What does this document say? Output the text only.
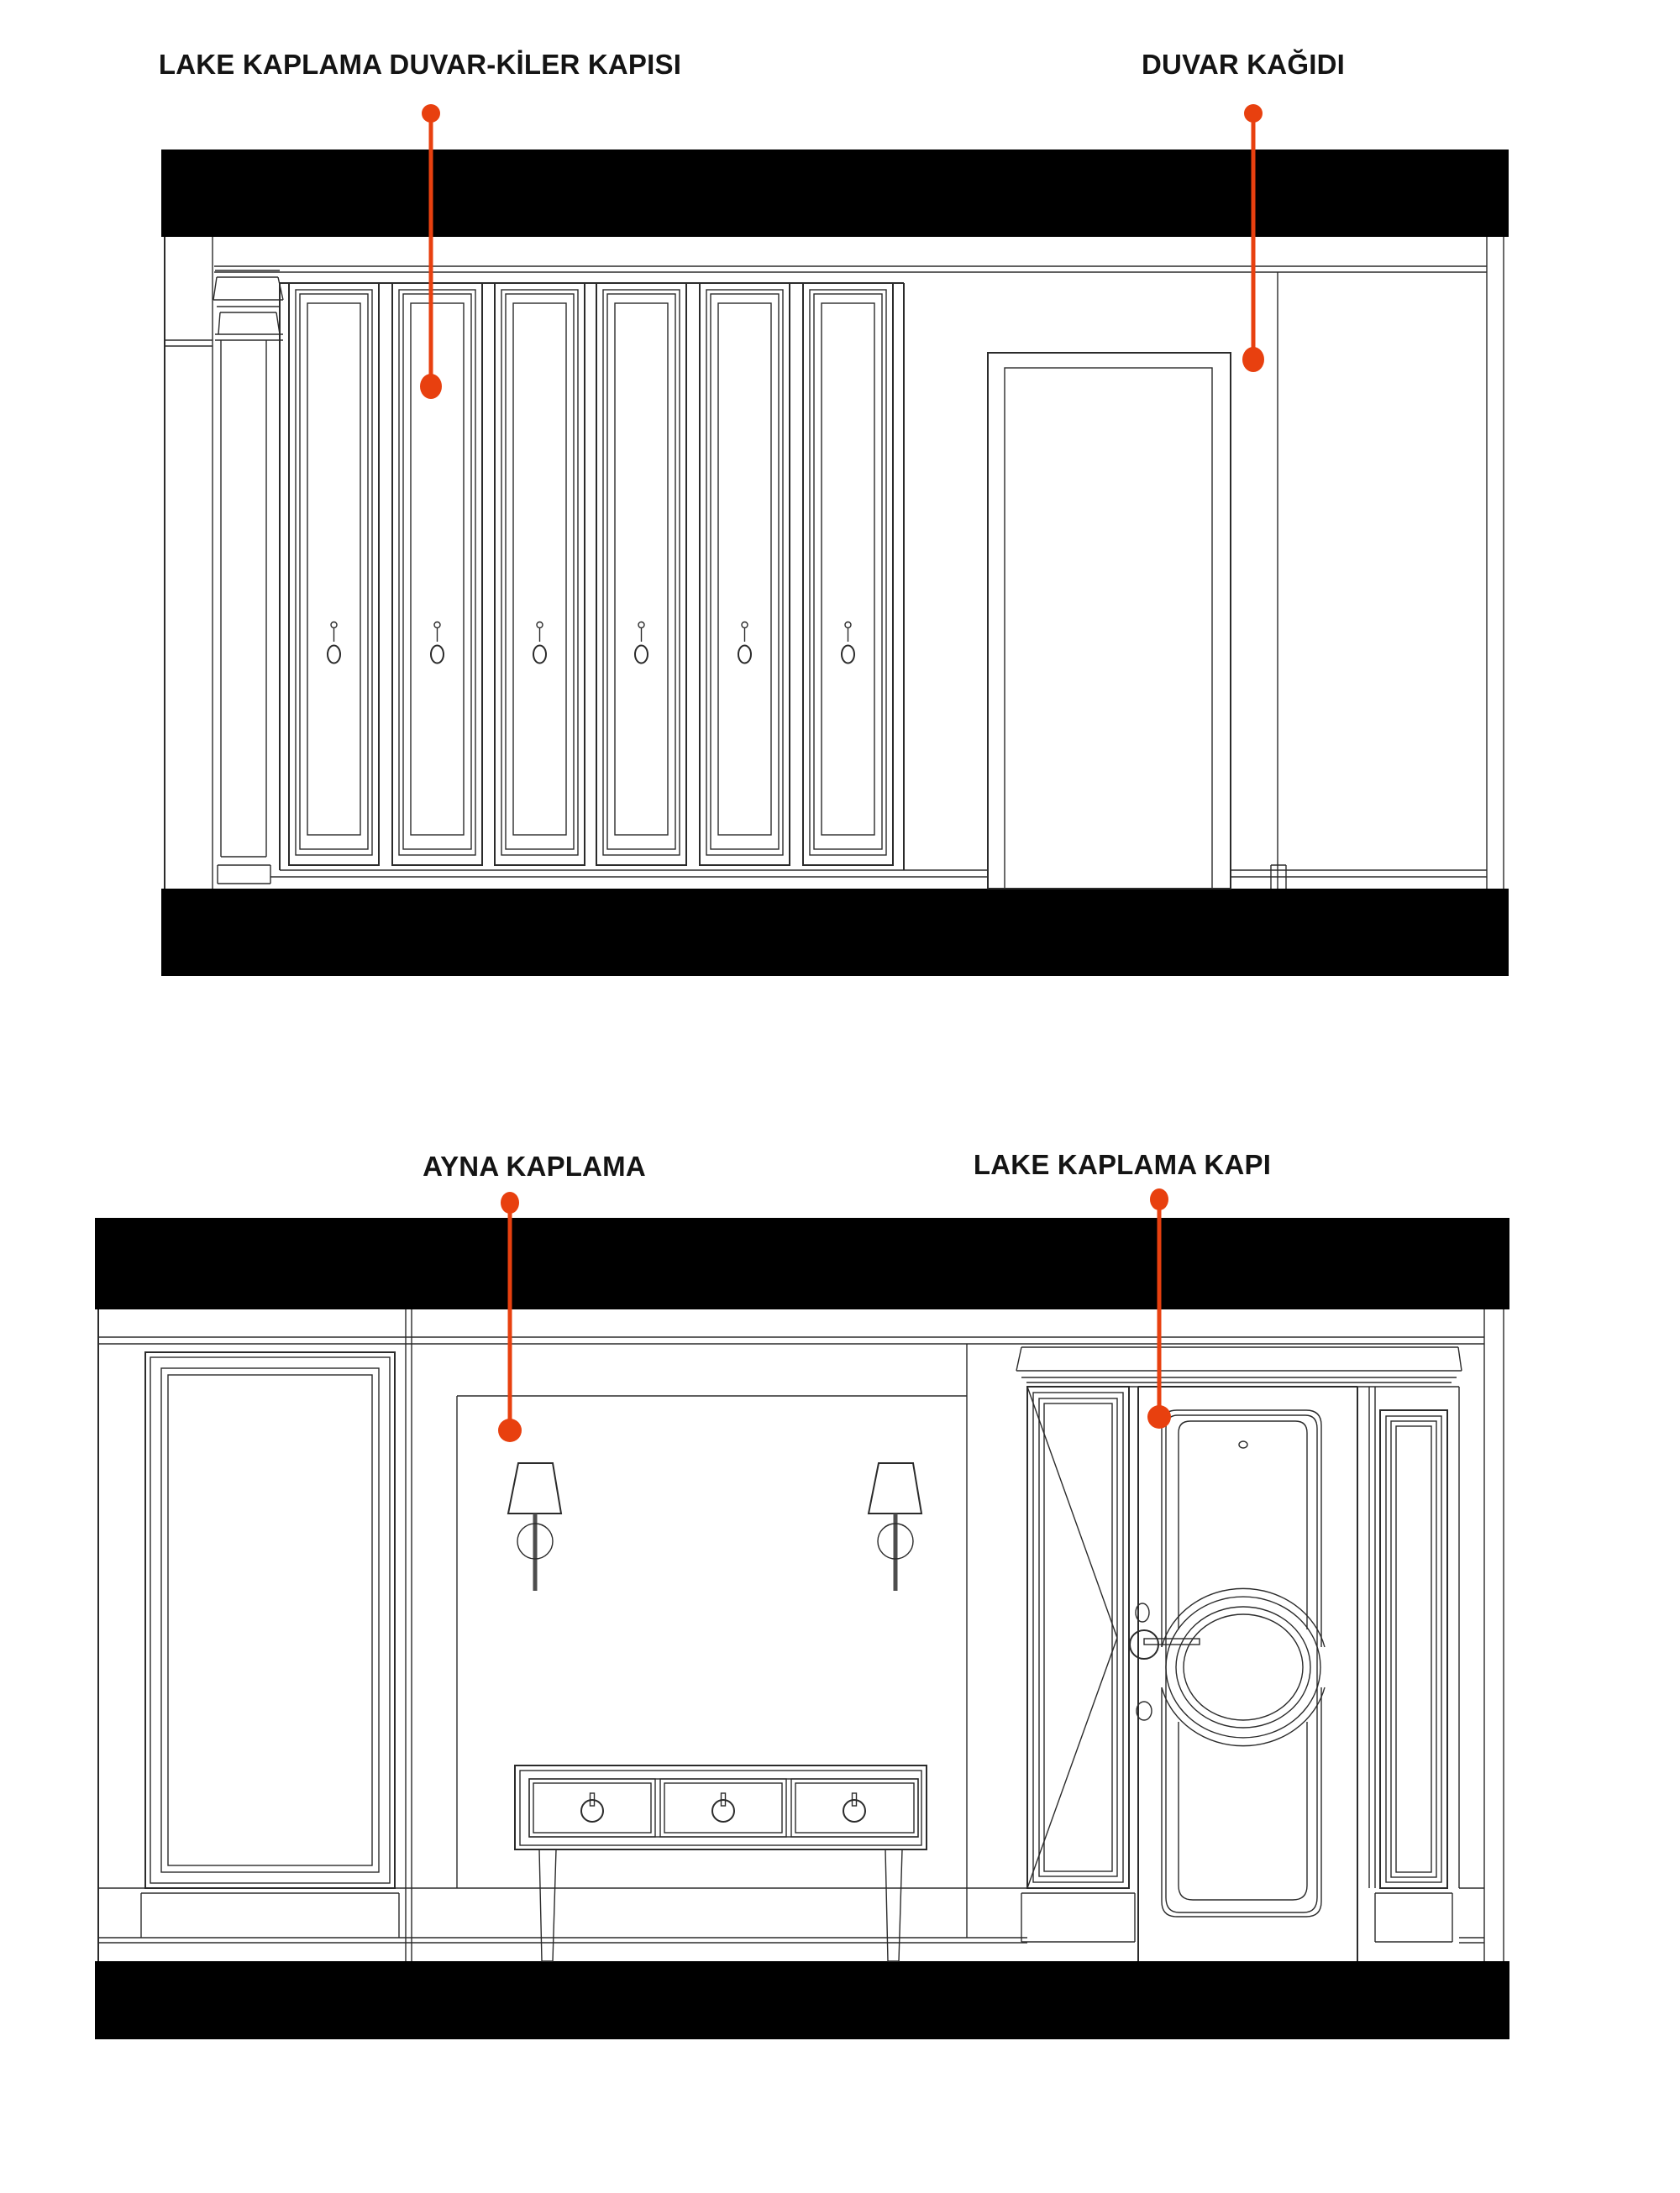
LAKE KAPLAMA DUVAR-KİLER KAPISI	DUVAR KAĞIDI
AYNA KAPLAMA	LAKE KAPLAMA KAPI
